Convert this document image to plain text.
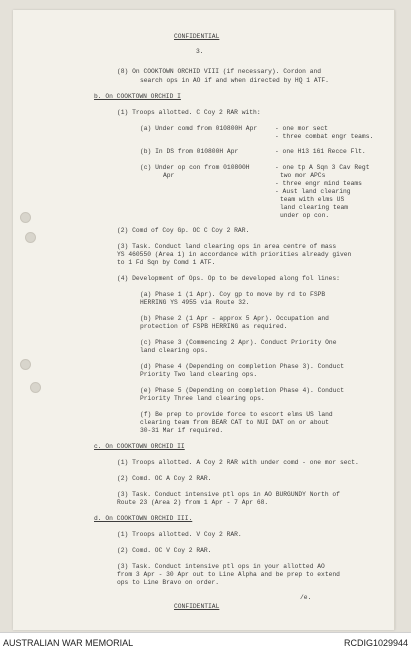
CONFIDENTIAL
3.
(8) On COOKTOWN ORCHID VIII (if necessary). Cordon and
search ops in AO if and when directed by HQ 1 ATF.
b. On COOKTOWN ORCHID I
(1) Troops allotted. C Coy 2 RAR with:
(a) Under comd from 010800H Apr	- one mor sect
- three combat engr teams.
(b) In DS from 010800H Apr	- one H13 161 Recce Flt.
(c) Under op con from 010800H
Apr
- one tp A Sqn 3 Cav Regt
two mor APCs
- three engr mind teams
- Aust land clearing
team with elms US
land clearing team
under op con.
(2) Comd of Coy Gp. OC C Coy 2 RAR.
(3) Task. Conduct land clearing ops in area centre of mass
YS 460550 (Area 1) in accordance with priorities already given
to 1 Fd Sqn by Comd 1 ATF.
(4) Development of Ops. Op to be developed along fol lines:
(a) Phase 1 (1 Apr). Coy gp to move by rd to FSPB
HERRING YS 4955 via Route 32.
(b) Phase 2 (1 Apr - approx 5 Apr). Occupation and
protection of FSPB HERRING as required.
(c) Phase 3 (Commencing 2 Apr). Conduct Priority One
land clearing ops.
(d) Phase 4 (Depending on completion Phase 3). Conduct
Priority Two land clearing ops.
(e) Phase 5 (Depending on completion Phase 4). Conduct
Priority Three land clearing ops.
(f) Be prep to provide force to escort elms US land
clearing team from BEAR CAT to NUI DAT on or about
30-31 Mar if required.
c. On COOKTOWN ORCHID II
(1) Troops allotted. A Coy 2 RAR with under comd - one mor sect.
(2) Comd. OC A Coy 2 RAR.
(3) Task. Conduct intensive ptl ops in AO BURGUNDY North of
Route 23 (Area 2) from 1 Apr - 7 Apr 68.
d. On COOKTOWN ORCHID III.
(1) Troops allotted. V Coy 2 RAR.
(2) Comd. OC V Coy 2 RAR.
(3) Task. Conduct intensive ptl ops in your allotted AO
from 3 Apr - 30 Apr out to Line Alpha and be prep to extend
ops to Line Bravo on order.
/e.
CONFIDENTIAL
AUSTRALIAN WAR MEMORIAL	RCDIG1029944
